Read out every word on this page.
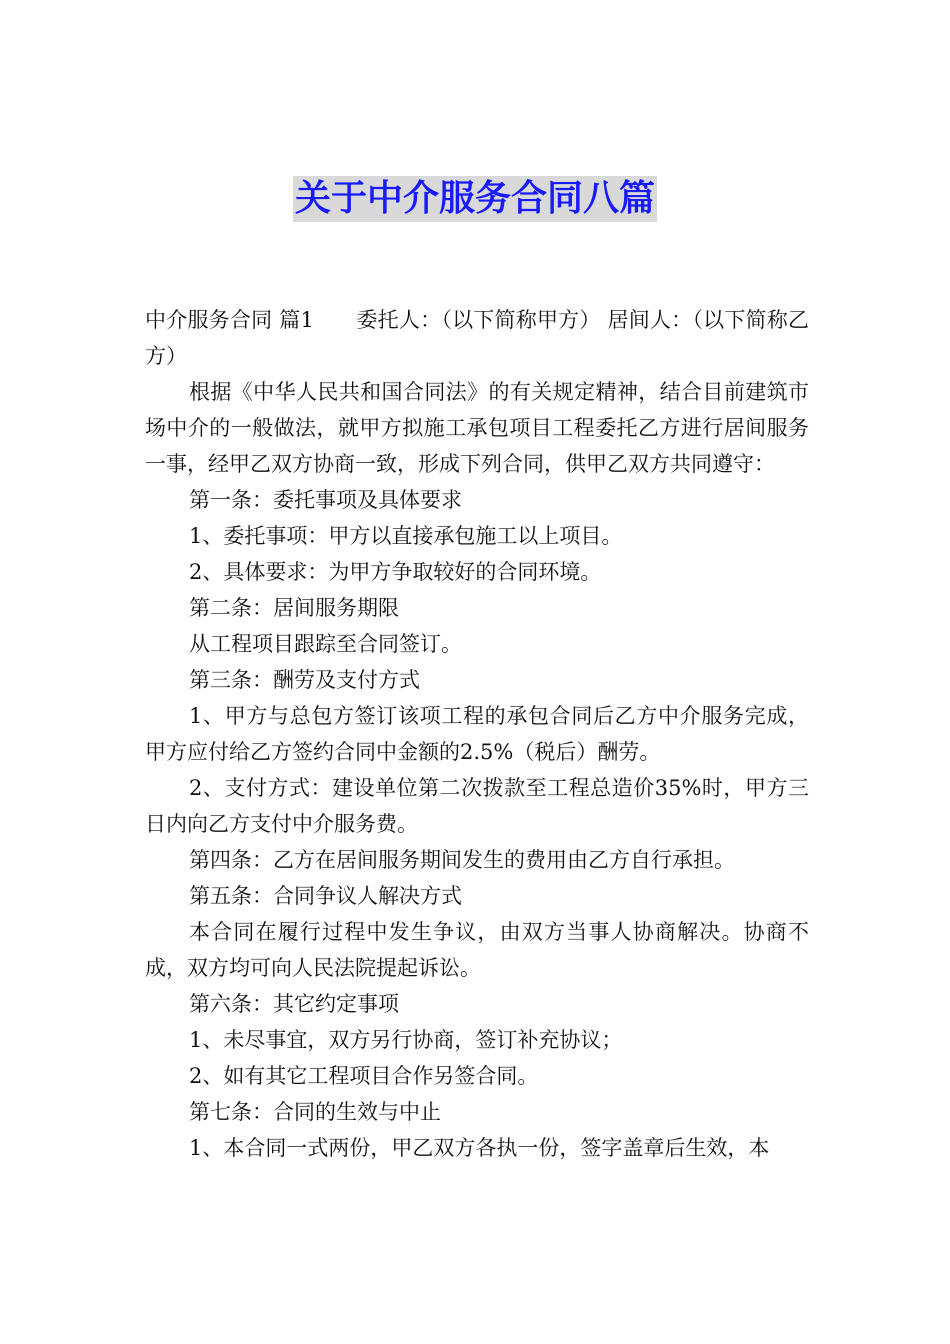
关于中介服务合同八篇

中介服务合同 篇1　　委托人：（以下简称甲方） 居间人：（以下简称乙方）

根据《中华人民共和国合同法》的有关规定精神，结合目前建筑市场中介的一般做法，就甲方拟施工承包项目工程委托乙方进行居间服务一事，经甲乙双方协商一致，形成下列合同，供甲乙双方共同遵守：

第一条：委托事项及具体要求

1、委托事项：甲方以直接承包施工以上项目。

2、具体要求：为甲方争取较好的合同环境。

第二条：居间服务期限

从工程项目跟踪至合同签订。

第三条：酬劳及支付方式

1、甲方与总包方签订该项工程的承包合同后乙方中介服务完成，甲方应付给乙方签约合同中金额的2.5%（税后）酬劳。

2、支付方式：建设单位第二次拨款至工程总造价35%时，甲方三日内向乙方支付中介服务费。

第四条：乙方在居间服务期间发生的费用由乙方自行承担。

第五条：合同争议人解决方式

本合同在履行过程中发生争议，由双方当事人协商解决。协商不成，双方均可向人民法院提起诉讼。

第六条：其它约定事项

1、未尽事宜，双方另行协商，签订补充协议；

2、如有其它工程项目合作另签合同。

第七条：合同的生效与中止

1、本合同一式两份，甲乙双方各执一份，签字盖章后生效，本
